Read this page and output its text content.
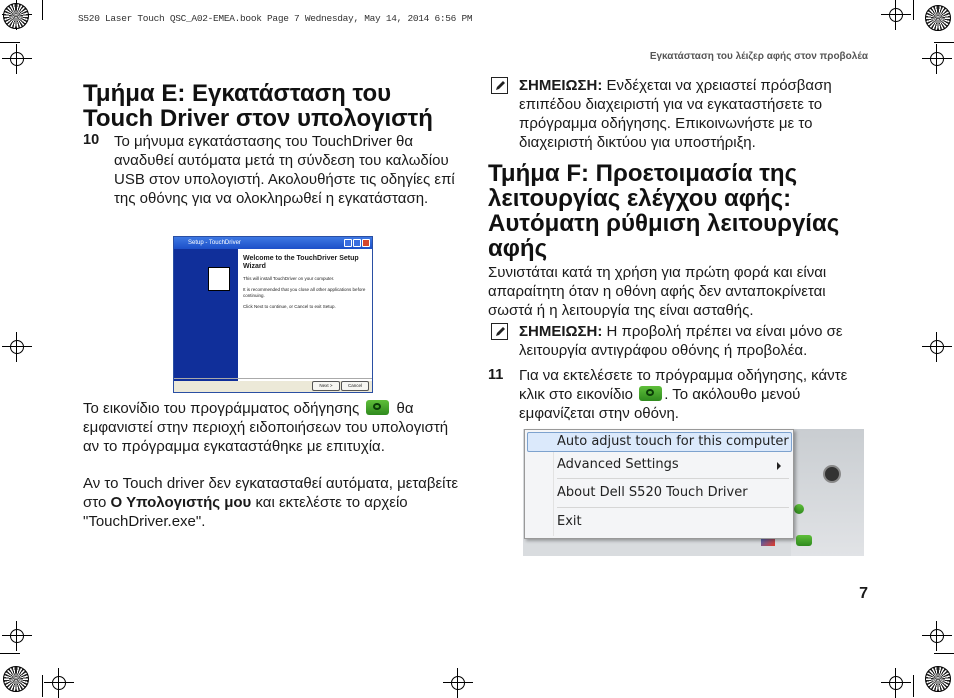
S520 Laser Touch QSC_A02-EMEA.book Page 7 Wednesday, May 14, 2014 6:56 PM
Εγκατάσταση του λέιζερ αφής στον προβολέα
Τμήμα Ε: Εγκατάσταση του Touch Driver στον υπολογιστή
10 Το μήνυμα εγκατάστασης του TouchDriver θα αναδυθεί αυτόματα μετά τη σύνδεση του καλωδίου USB στον υπολογιστή. Ακολουθήστε τις οδηγίες επί της οθόνης για να ολοκληρωθεί η εγκατάσταση.
Setup - TouchDriver
Welcome to the TouchDriver Setup Wizard
This will install TouchDriver on your computer.
It is recommended that you close all other applications before continuing.
Click Next to continue, or Cancel to exit Setup.
Next >	Cancel
Το εικονίδιο του προγράμματος οδήγησης θα εμφανιστεί στην περιοχή ειδοποιήσεων του υπολογιστή αν το πρόγραμμα εγκαταστάθηκε με επιτυχία.
Αν το Touch driver δεν εγκατασταθεί αυτόματα, μεταβείτε στο Ο Υπολογιστής μου και εκτελέστε το αρχείο "TouchDriver.exe".
ΣΗΜΕΙΩΣΗ: Ενδέχεται να χρειαστεί πρόσβαση επιπέδου διαχειριστή για να εγκαταστήσετε το πρόγραμμα οδήγησης. Επικοινωνήστε με το διαχειριστή δικτύου για υποστήριξη.
Τμήμα F: Προετοιμασία της λειτουργίας ελέγχου αφής: Αυτόματη ρύθμιση λειτουργίας αφής
Συνιστάται κατά τη χρήση για πρώτη φορά και είναι απαραίτητη όταν η οθόνη αφής δεν ανταποκρίνεται σωστά ή η λειτουργία της είναι ασταθής.
ΣΗΜΕΙΩΣΗ: Η προβολή πρέπει να είναι μόνο σε λειτουργία αντιγράφου οθόνης ή προβολέα.
11 Για να εκτελέσετε το πρόγραμμα οδήγησης, κάντε κλικ στο εικονίδιο . Το ακόλουθο μενού εμφανίζεται στην οθόνη.
Auto adjust touch for this computer
Advanced Settings
About Dell S520 Touch Driver
Exit
7
